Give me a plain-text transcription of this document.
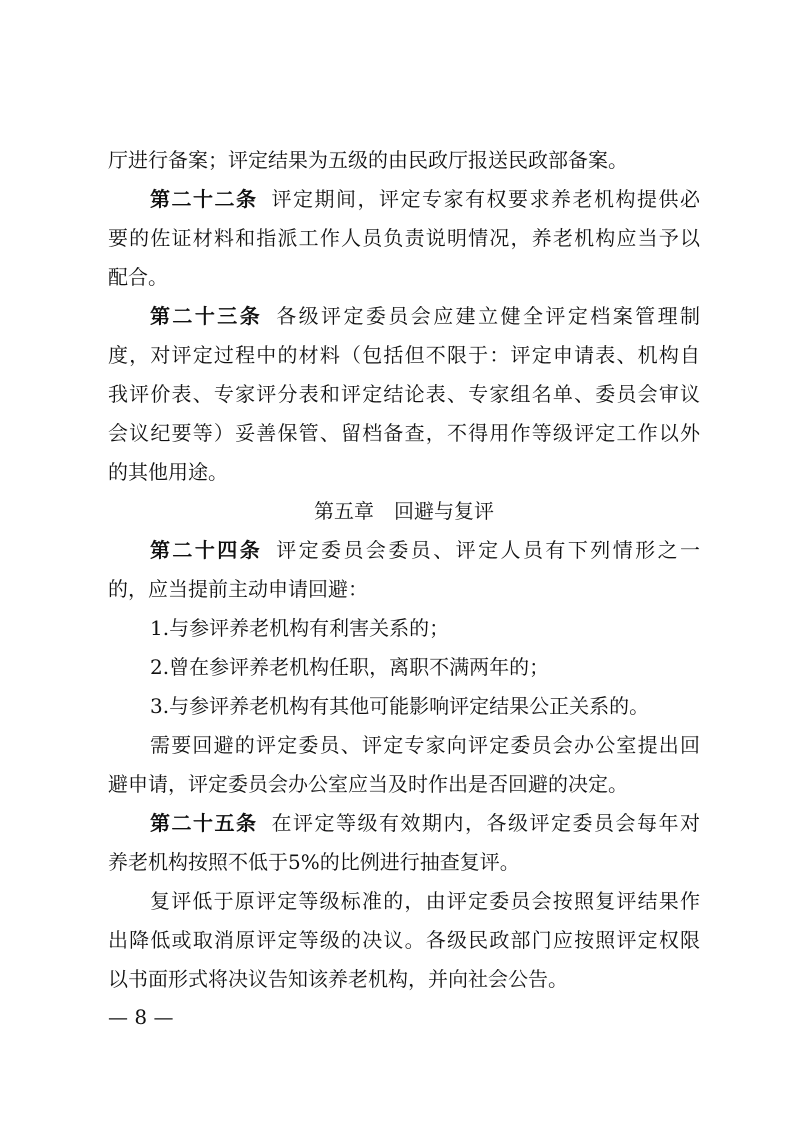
厅进行备案；评定结果为五级的由民政厅报送民政部备案。
第二十二条 评定期间，评定专家有权要求养老机构提供必
要的佐证材料和指派工作人员负责说明情况，养老机构应当予以
配合。
第二十三条 各级评定委员会应建立健全评定档案管理制
度，对评定过程中的材料（包括但不限于：评定申请表、机构自
我评价表、专家评分表和评定结论表、专家组名单、委员会审议
会议纪要等）妥善保管、留档备查，不得用作等级评定工作以外
的其他用途。
第五章　回避与复评
第二十四条 评定委员会委员、评定人员有下列情形之一
的，应当提前主动申请回避：
1.与参评养老机构有利害关系的；
2.曾在参评养老机构任职，离职不满两年的；
3.与参评养老机构有其他可能影响评定结果公正关系的。
需要回避的评定委员、评定专家向评定委员会办公室提出回
避申请，评定委员会办公室应当及时作出是否回避的决定。
第二十五条 在评定等级有效期内，各级评定委员会每年对
养老机构按照不低于5%的比例进行抽查复评。
复评低于原评定等级标准的，由评定委员会按照复评结果作
出降低或取消原评定等级的决议。各级民政部门应按照评定权限
以书面形式将决议告知该养老机构，并向社会公告。
— 8 —
